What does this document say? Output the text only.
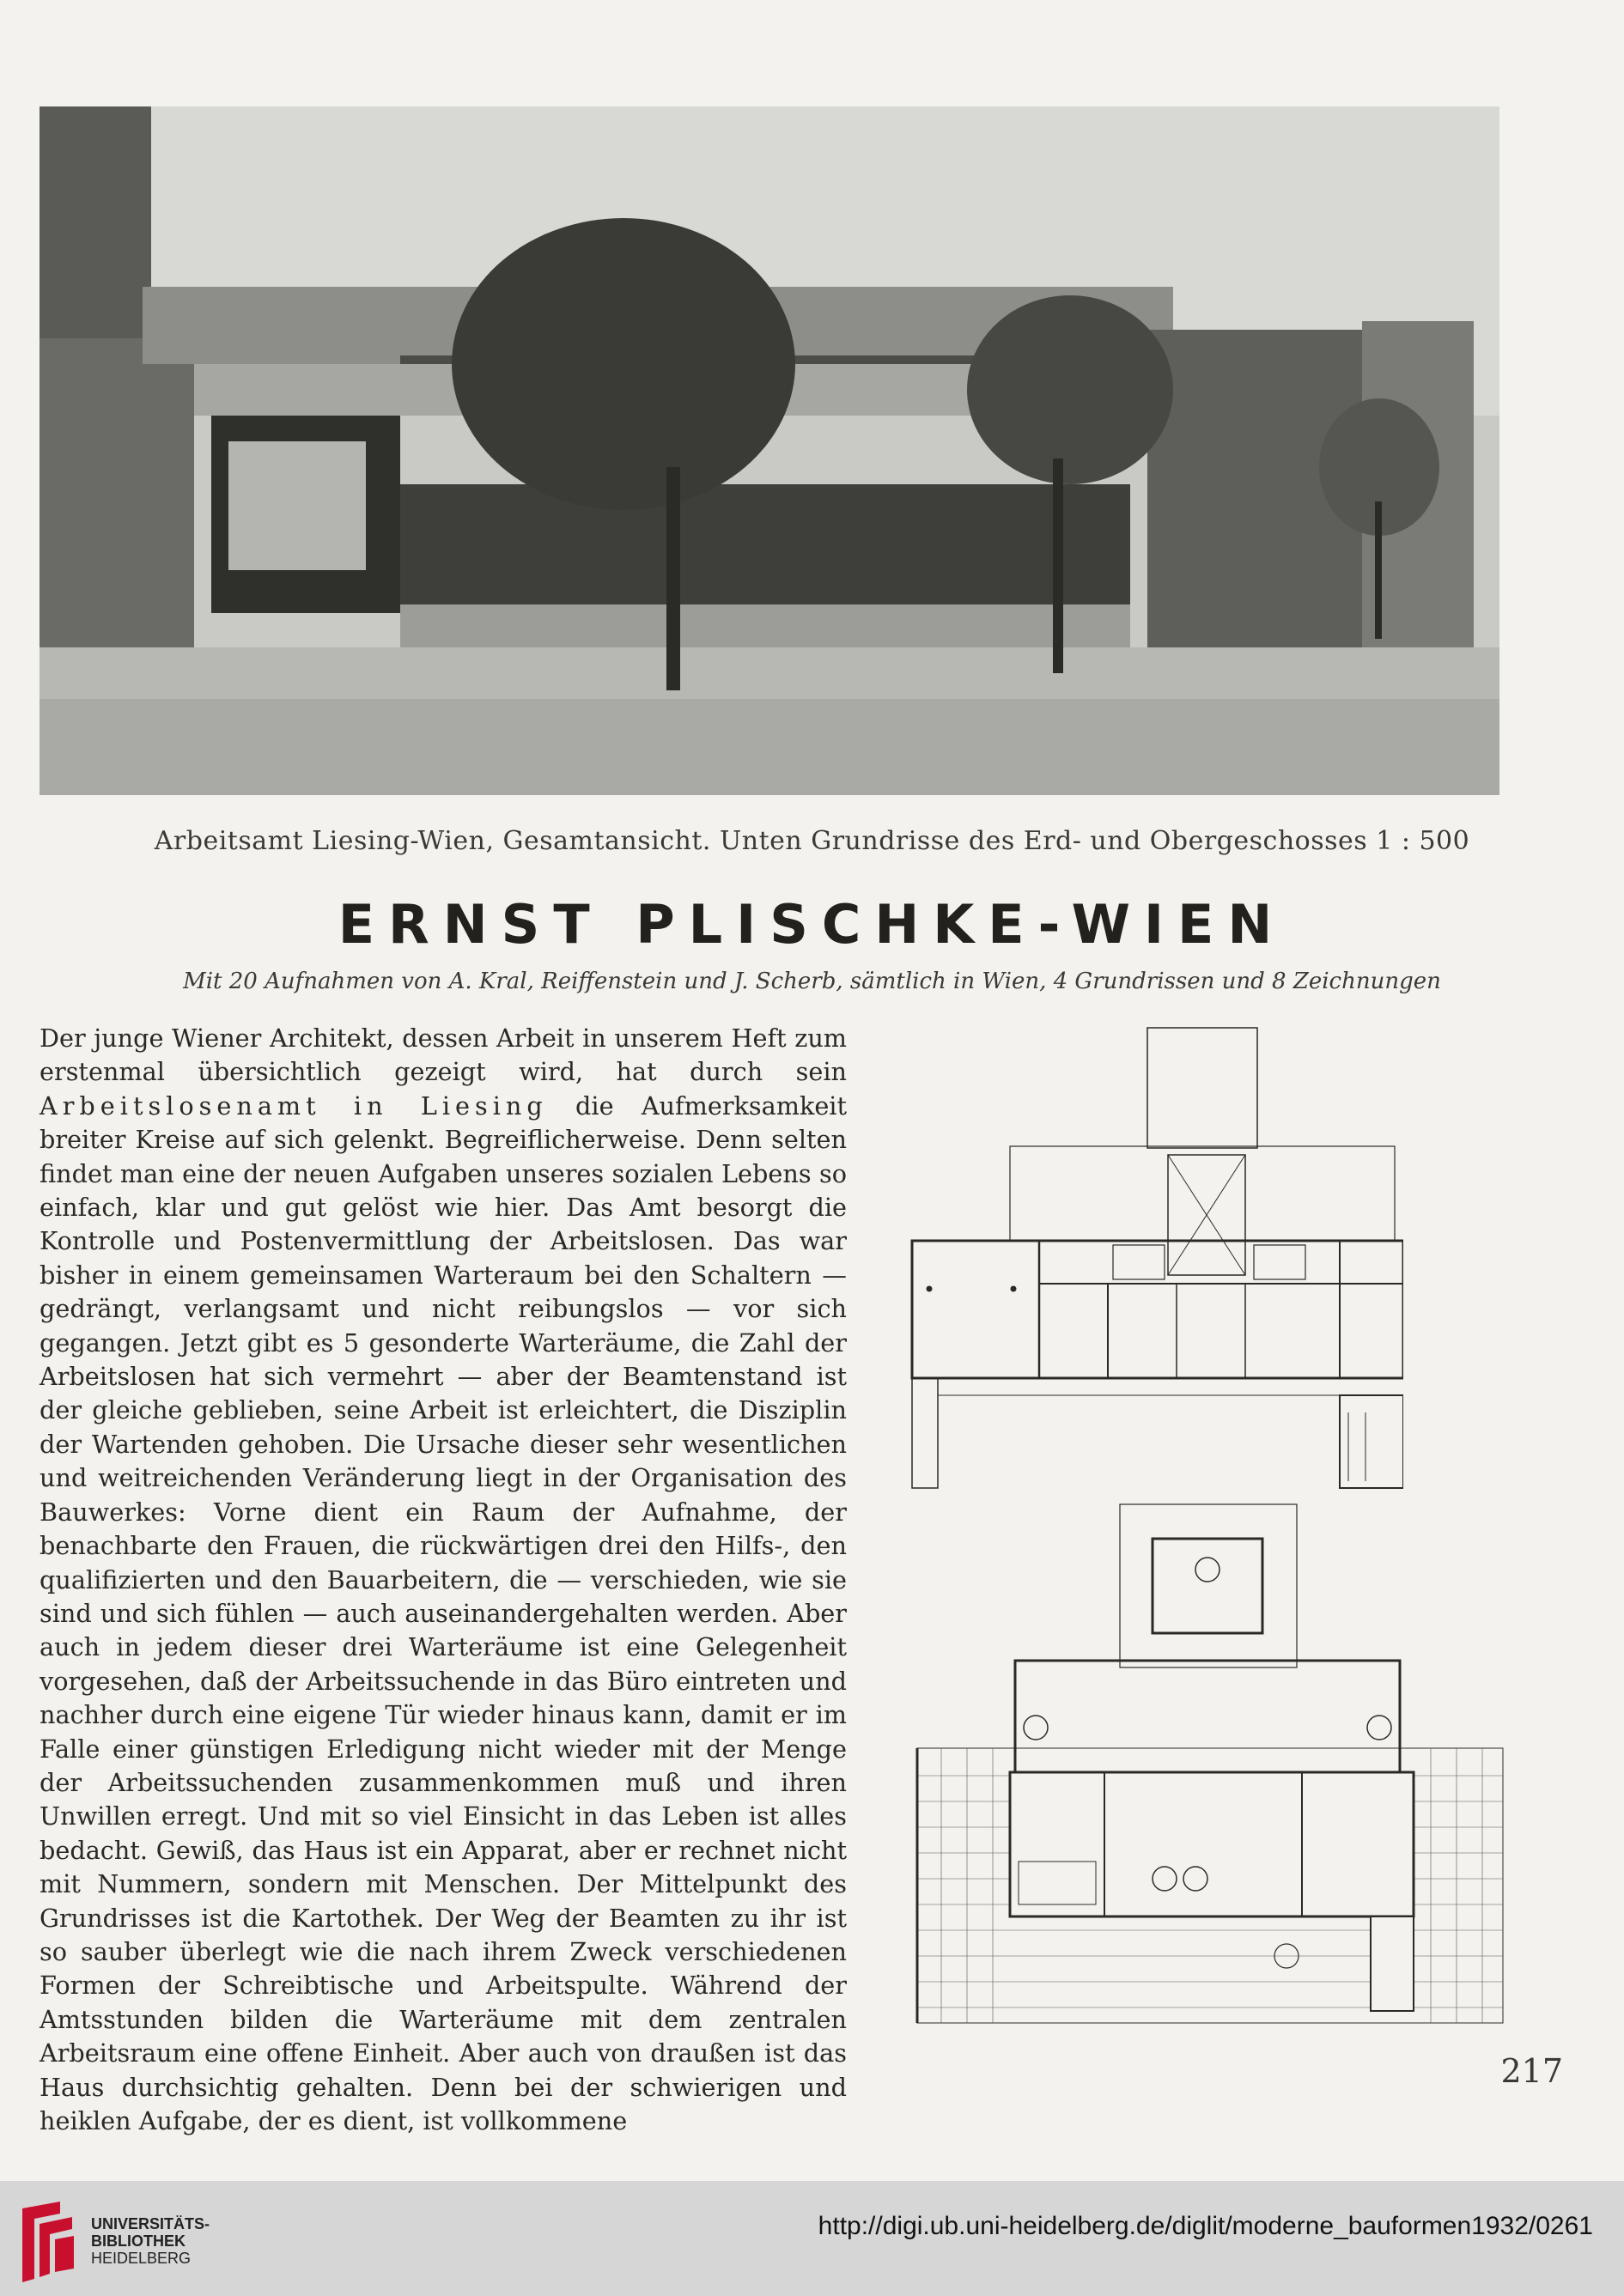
Arbeitsamt Liesing-Wien, Gesamtansicht. Unten Grundrisse des Erd- und Obergeschosses 1 : 500
ERNST PLISCHKE-WIEN
Mit 20 Aufnahmen von A. Kral, Reiffenstein und J. Scherb, sämtlich in Wien, 4 Grundrissen und 8 Zeichnungen
Der junge Wiener Architekt, dessen Arbeit in unserem Heft zum erstenmal übersichtlich gezeigt wird, hat durch sein Arbeitslosenamt in Liesing die Aufmerksamkeit breiter Kreise auf sich gelenkt. Begreiflicherweise. Denn selten findet man eine der neuen Aufgaben unseres sozialen Lebens so einfach, klar und gut gelöst wie hier. Das Amt besorgt die Kontrolle und Postenvermittlung der Arbeitslosen. Das war bisher in einem gemeinsamen Warteraum bei den Schaltern — gedrängt, verlangsamt und nicht reibungslos — vor sich gegangen. Jetzt gibt es 5 gesonderte Warteräume, die Zahl der Arbeitslosen hat sich vermehrt — aber der Beamtenstand ist der gleiche geblieben, seine Arbeit ist erleichtert, die Disziplin der Wartenden gehoben. Die Ursache dieser sehr wesentlichen und weitreichenden Veränderung liegt in der Organisation des Bauwerkes: Vorne dient ein Raum der Aufnahme, der benachbarte den Frauen, die rückwärtigen drei den Hilfs-, den qualifizierten und den Bauarbeitern, die — verschieden, wie sie sind und sich fühlen — auch auseinandergehalten werden. Aber auch in jedem dieser drei Warteräume ist eine Gelegenheit vorgesehen, daß der Arbeitssuchende in das Büro eintreten und nachher durch eine eigene Tür wieder hinaus kann, damit er im Falle einer günstigen Erledigung nicht wieder mit der Menge der Arbeitssuchenden zusammenkommen muß und ihren Unwillen erregt. Und mit so viel Einsicht in das Leben ist alles bedacht. Gewiß, das Haus ist ein Apparat, aber er rechnet nicht mit Nummern, sondern mit Menschen. Der Mittelpunkt des Grundrisses ist die Kartothek. Der Weg der Beamten zu ihr ist so sauber überlegt wie die nach ihrem Zweck verschiedenen Formen der Schreibtische und Arbeitspulte. Während der Amtsstunden bilden die Warteräume mit dem zentralen Arbeitsraum eine offene Einheit. Aber auch von draußen ist das Haus durchsichtig gehalten. Denn bei der schwierigen und heiklen Aufgabe, der es dient, ist vollkommene
217
UNIVERSITÄTS-
BIBLIOTHEK
HEIDELBERG
http://digi.ub.uni-heidelberg.de/diglit/moderne_bauformen1932/0261
